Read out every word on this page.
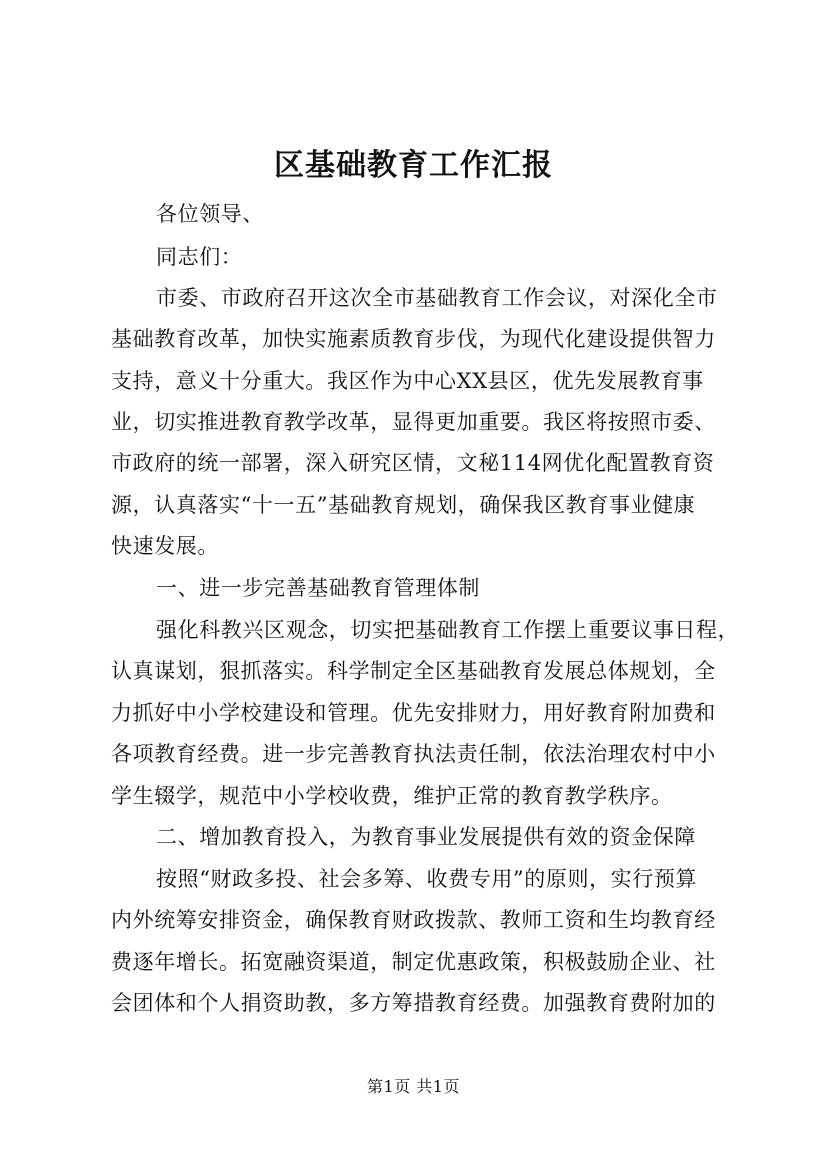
区基础教育工作汇报
各位领导、
同志们：
市委、市政府召开这次全市基础教育工作会议，对深化全市
基础教育改革，加快实施素质教育步伐，为现代化建设提供智力
支持，意义十分重大。我区作为中心XX县区，优先发展教育事
业，切实推进教育教学改革，显得更加重要。我区将按照市委、
市政府的统一部署，深入研究区情，文秘114网优化配置教育资
源，认真落实“十一五”基础教育规划，确保我区教育事业健康
快速发展。
一、进一步完善基础教育管理体制
强化科教兴区观念，切实把基础教育工作摆上重要议事日程，
认真谋划，狠抓落实。科学制定全区基础教育发展总体规划，全
力抓好中小学校建设和管理。优先安排财力，用好教育附加费和
各项教育经费。进一步完善教育执法责任制，依法治理农村中小
学生辍学，规范中小学校收费，维护正常的教育教学秩序。
二、增加教育投入，为教育事业发展提供有效的资金保障
按照“财政多投、社会多筹、收费专用”的原则，实行预算
内外统筹安排资金，确保教育财政拨款、教师工资和生均教育经
费逐年增长。拓宽融资渠道，制定优惠政策，积极鼓励企业、社
会团体和个人捐资助教，多方筹措教育经费。加强教育费附加的
第1页 共1页
